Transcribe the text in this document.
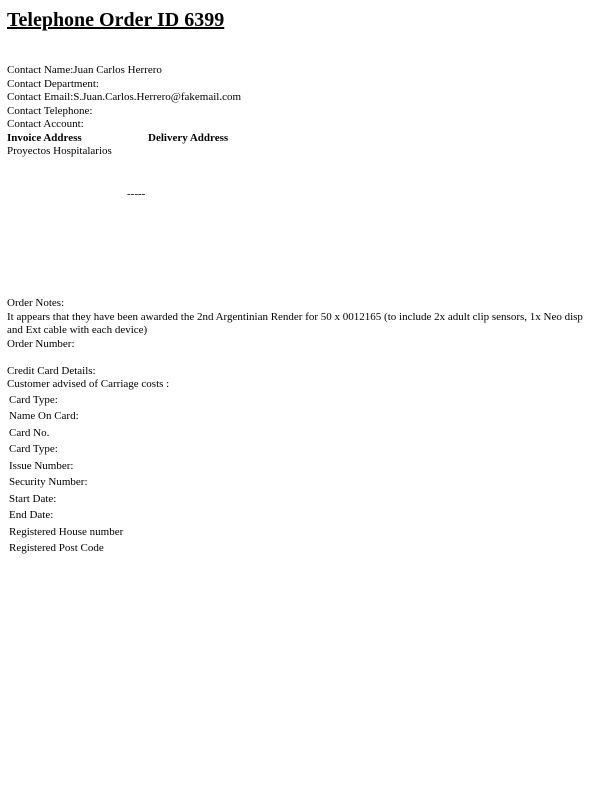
Telephone Order ID 6399
Contact Name:Juan Carlos Herrero
Contact Department:
Contact Email:S.Juan.Carlos.Herrero@fakemail.com
Contact Telephone:
Contact Account:
Invoice Address	Delivery Address
Proyectos Hospitalarios
-----
Order Notes:
It appears that they have been awarded the 2nd Argentinian Render for 50 x 0012165 (to include 2x adult clip sensors, 1x Neo disp and Ext cable with each device)
Order Number:
Credit Card Details:
Customer advised of Carriage costs :
Card Type:
Name On Card:
Card No.
Card Type:
Issue Number:
Security Number:
Start Date:
End Date:
Registered House number
Registered Post Code
